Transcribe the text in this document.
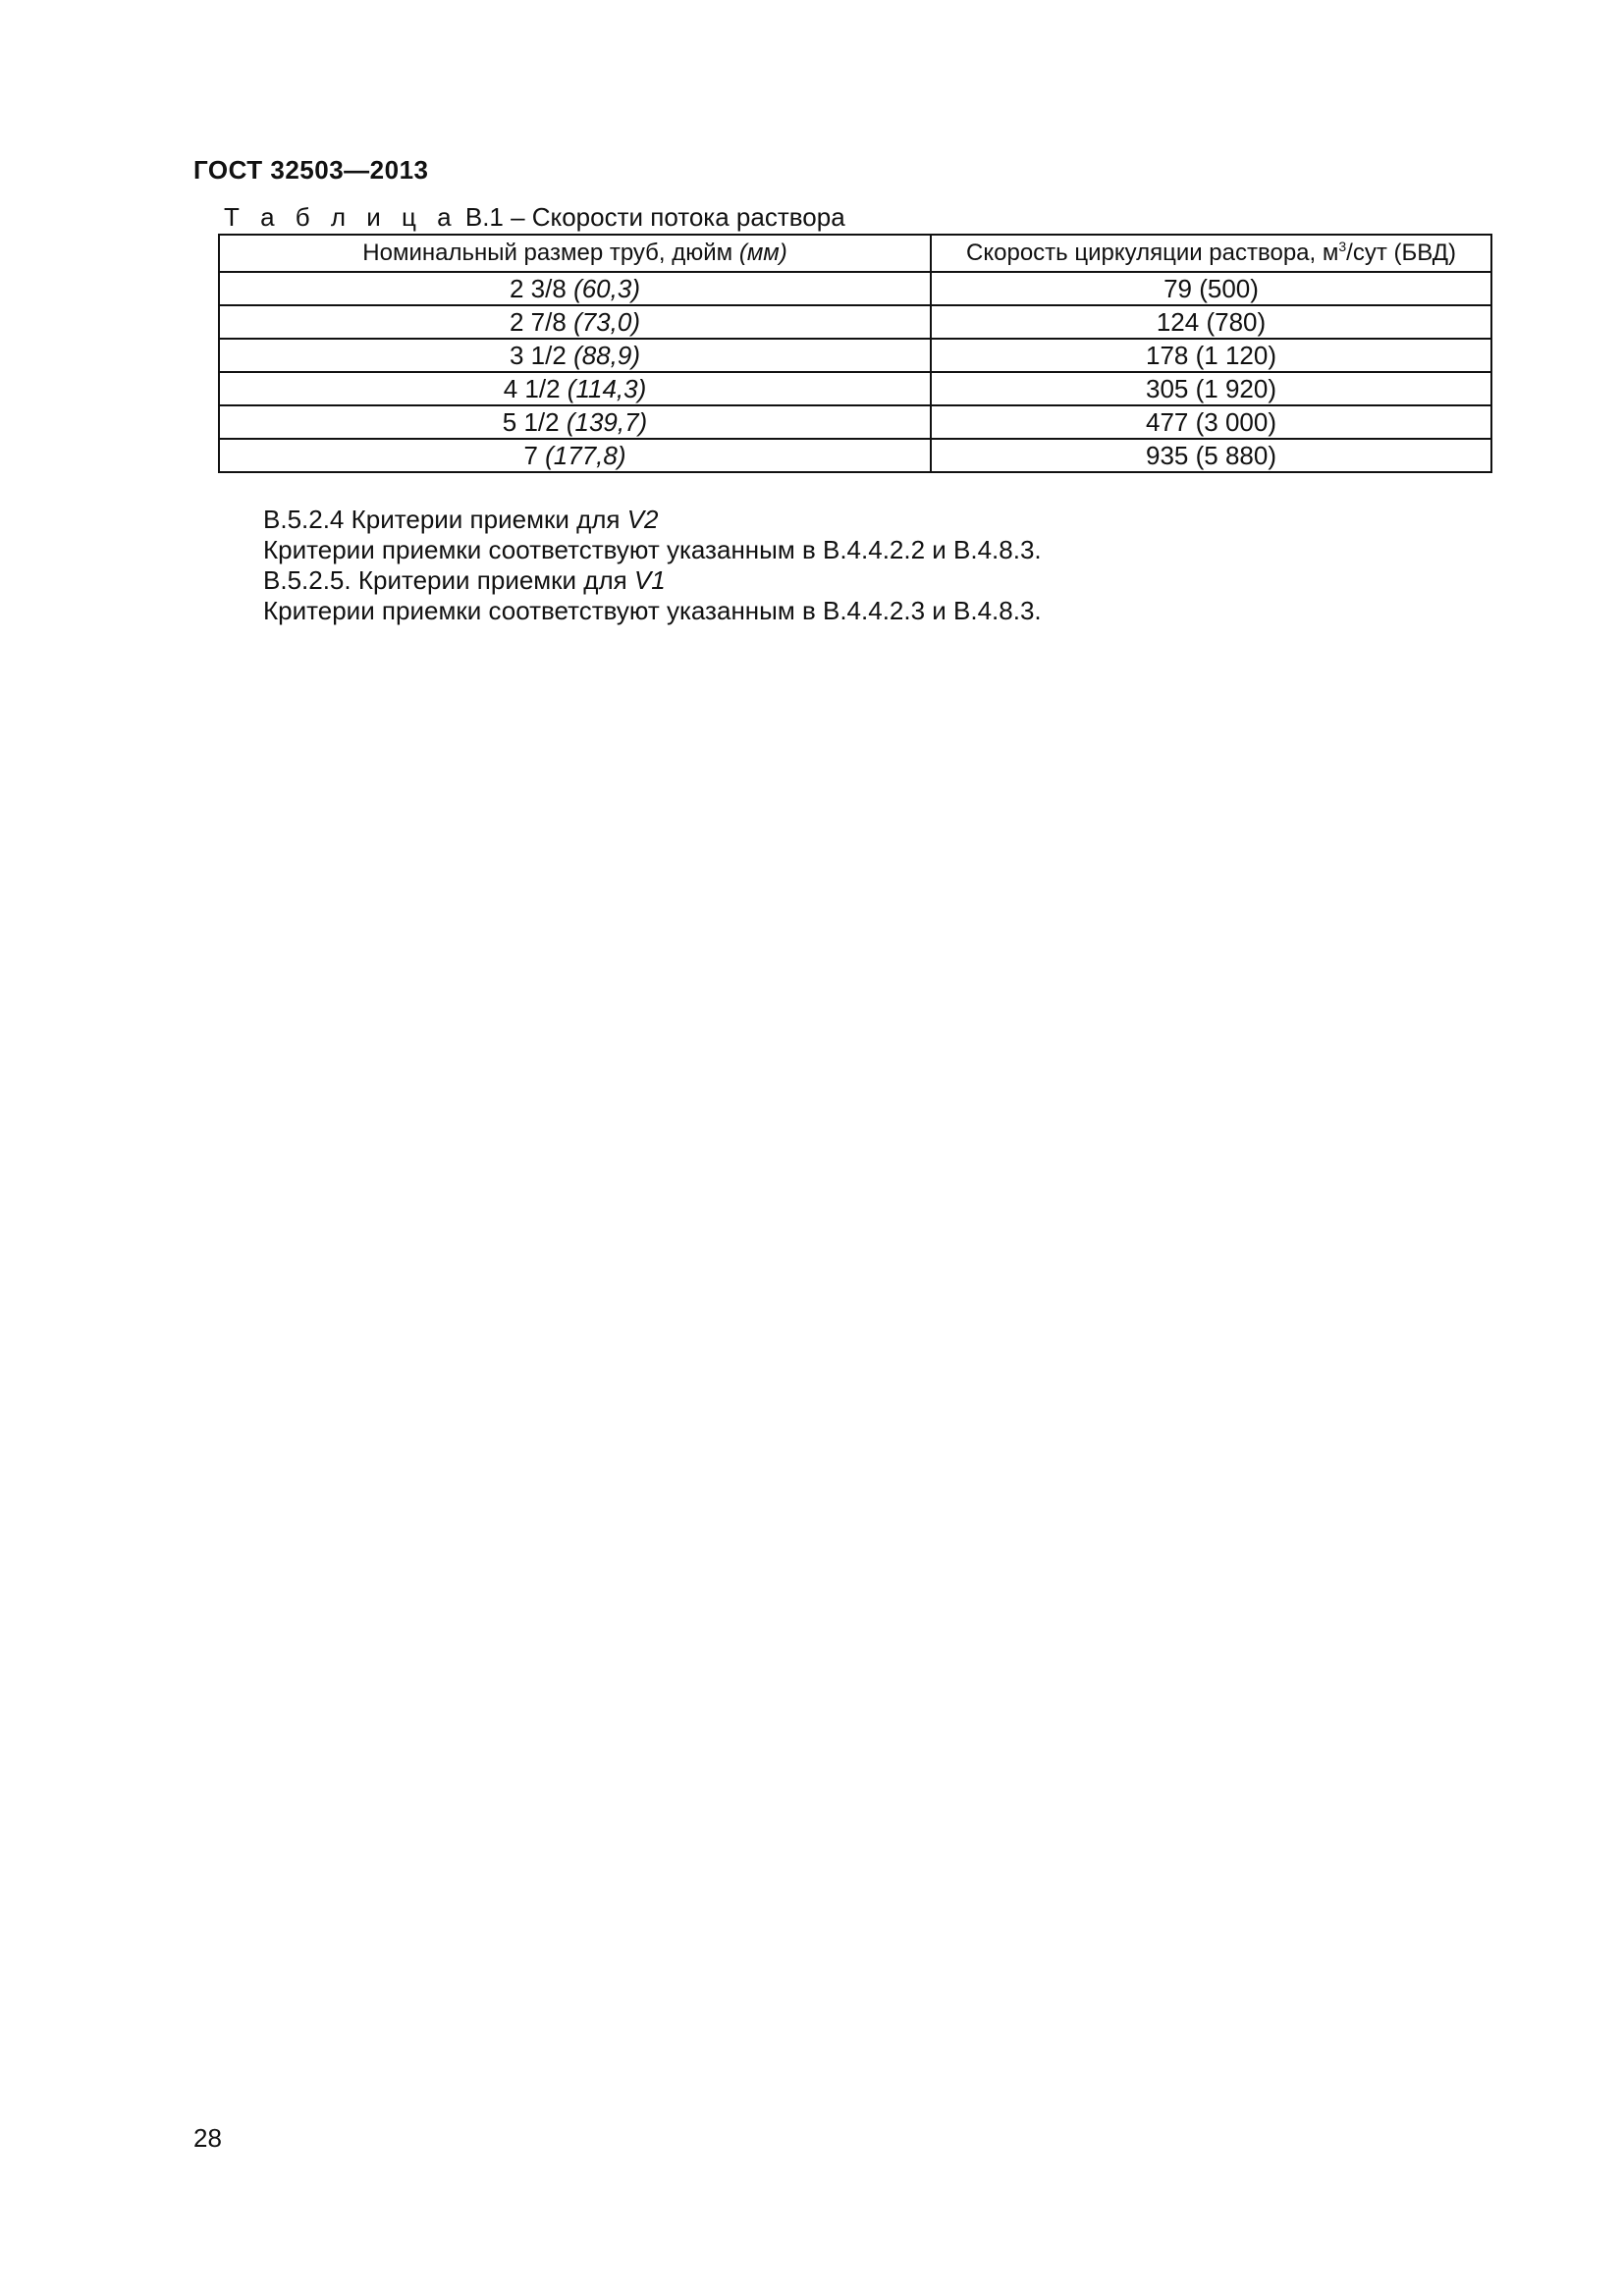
ГОСТ 32503—2013
Т а б л и ц а В.1 – Скорости потока раствора
Номинальный размер труб, дюйм (мм)	Скорость циркуляции раствора, $м^3$/сут (БВД)
2 3/8 (60,3)	79 (500)
2 7/8 (73,0)	124 (780)
3 1/2 (88,9)	178 (1 120)
4 1/2 (114,3)	305 (1 920)
5 1/2 (139,7)	477 (3 000)
7 (177,8)	935 (5 880)

В.5.2.4 Критерии приемки для V2

Критерии приемки соответствуют указанным в В.4.4.2.2 и В.4.8.3.

В.5.2.5. Критерии приемки для V1

Критерии приемки соответствуют указанным в В.4.4.2.3 и В.4.8.3.

28
